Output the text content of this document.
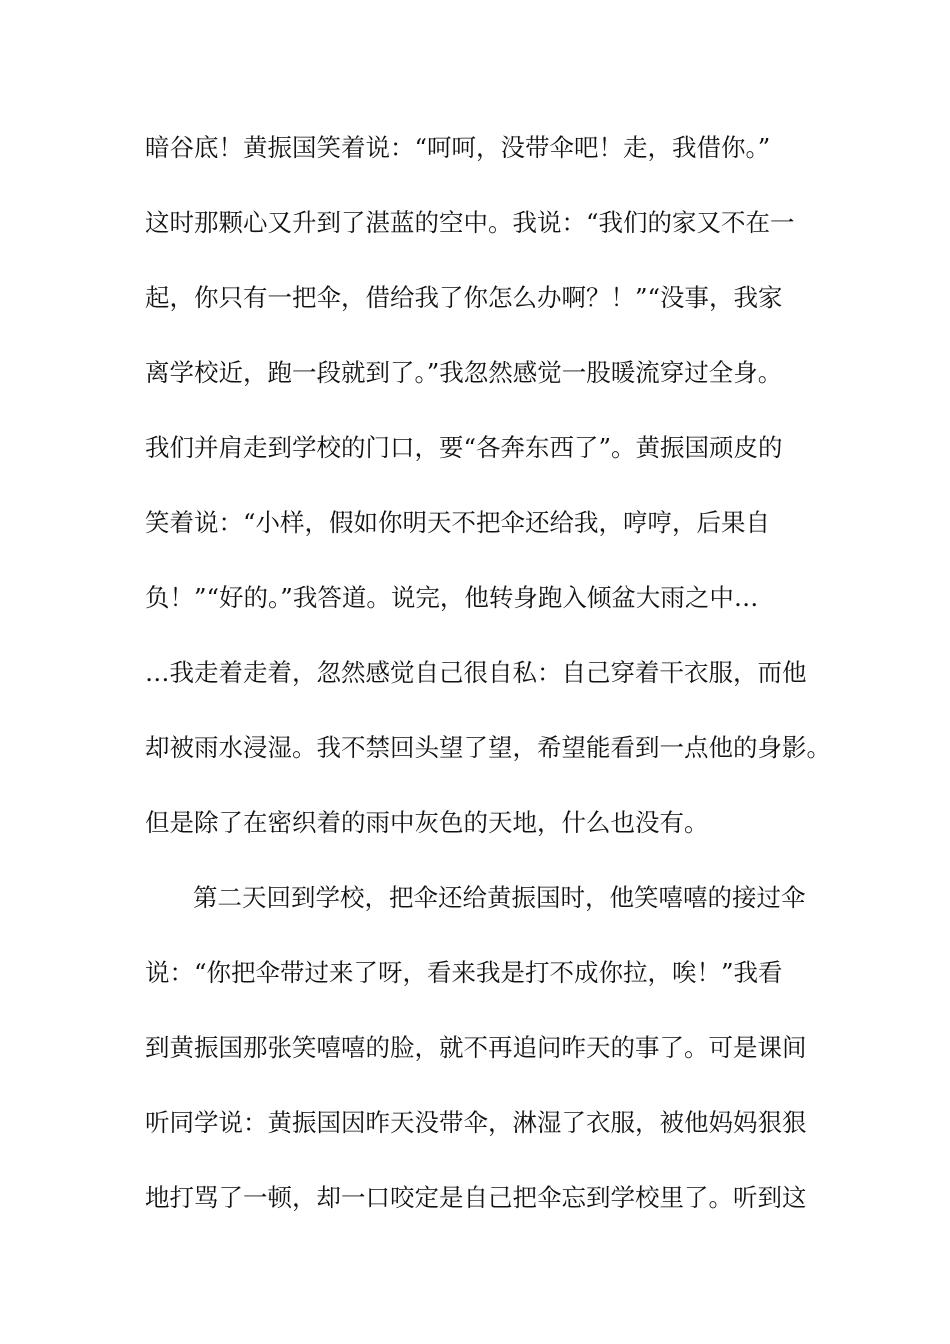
暗谷底！黄振国笑着说：“呵呵，没带伞吧！走，我借你。”
这时那颗心又升到了湛蓝的空中。我说：“我们的家又不在一
起，你只有一把伞，借给我了你怎么办啊？！”“没事，我家
离学校近，跑一段就到了。”我忽然感觉一股暖流穿过全身。
我们并肩走到学校的门口，要“各奔东西了”。黄振国顽皮的
笑着说：“小样，假如你明天不把伞还给我，哼哼，后果自
负！”“好的。”我答道。说完，他转身跑入倾盆大雨之中…
…我走着走着，忽然感觉自己很自私：自己穿着干衣服，而他
却被雨水浸湿。我不禁回头望了望，希望能看到一点他的身影。
但是除了在密织着的雨中灰色的天地，什么也没有。
第二天回到学校，把伞还给黄振国时，他笑嘻嘻的接过伞
说：“你把伞带过来了呀，看来我是打不成你拉，唉！”我看
到黄振国那张笑嘻嘻的脸，就不再追问昨天的事了。可是课间
听同学说：黄振国因昨天没带伞，淋湿了衣服，被他妈妈狠狠
地打骂了一顿，却一口咬定是自己把伞忘到学校里了。听到这
